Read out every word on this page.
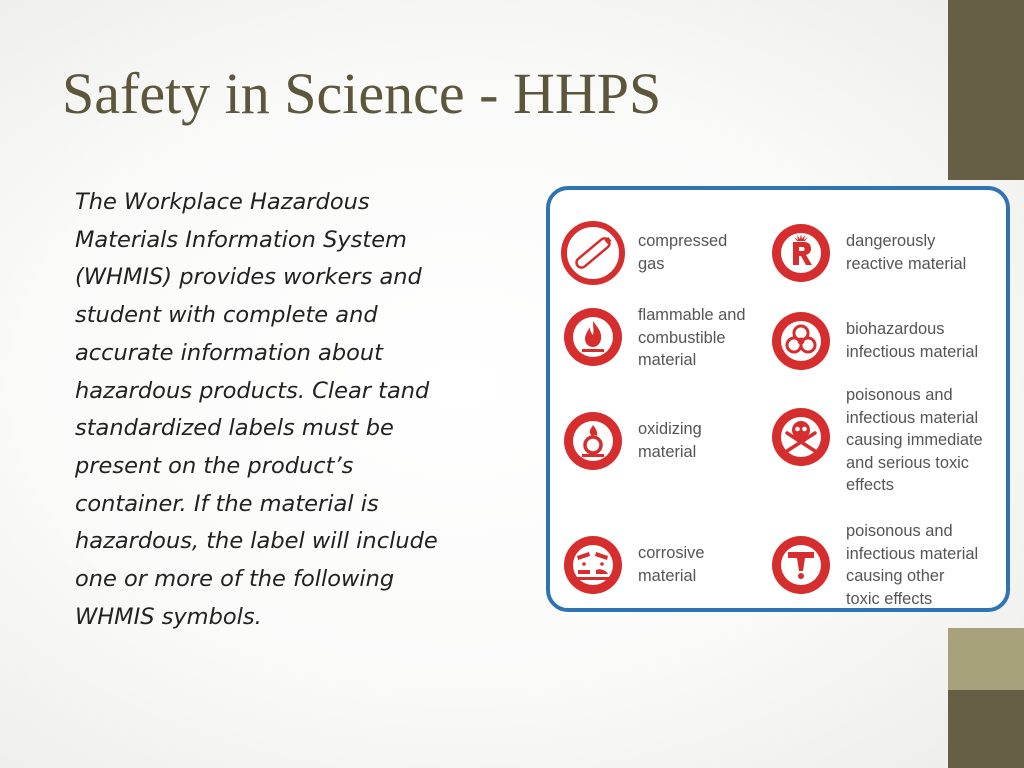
Safety in Science - HHPS

The Workplace Hazardous
Materials Information System
(WHMIS) provides workers and
student with complete and
accurate information about
hazardous products. Clear tand
standardized labels must be
present on the product’s
container. If the material is
hazardous, the label will include
one or more of the following
WHMIS symbols.

compressed
gas
flammable and
combustible
material
oxidizing
material
corrosive
material
dangerously
reactive material
biohazardous
infectious material
poisonous and
infectious material
causing immediate
and serious toxic
effects
poisonous and
infectious material
causing other
toxic effects
